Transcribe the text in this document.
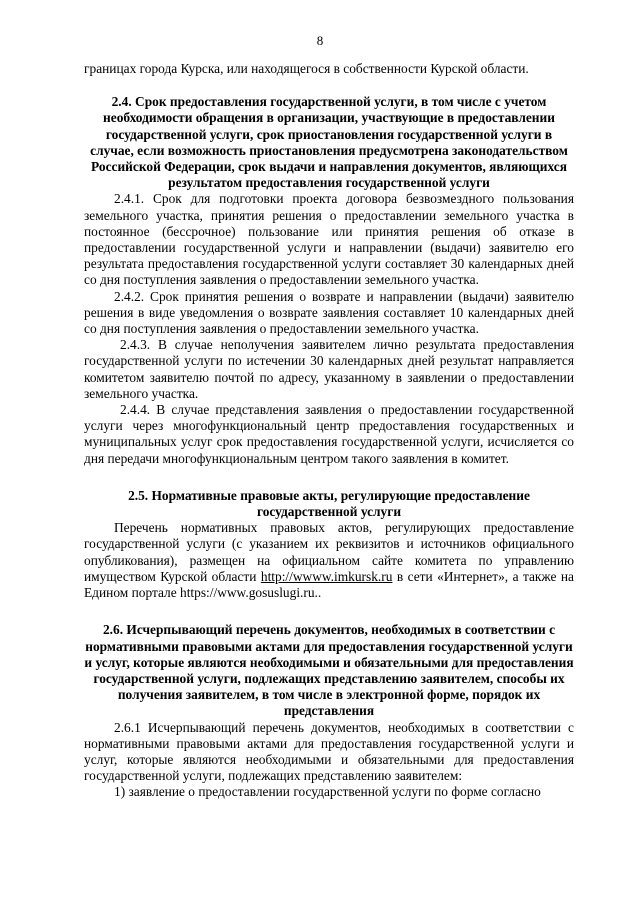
8

границах города Курска, или находящегося в собственности Курской области.

2.4. Срок предоставления государственной услуги, в том числе с учетом необходимости обращения в организации, участвующие в предоставлении государственной услуги, срок приостановления государственной услуги в случае, если возможность приостановления предусмотрена законодательством Российской Федерации, срок выдачи и направления документов, являющихся результатом предоставления государственной услуги

2.4.1. Срок для подготовки проекта договора безвозмездного пользования земельного участка, принятия решения о предоставлении земельного участка в постоянное (бессрочное) пользование или принятия решения об отказе в предоставлении государственной услуги и направлении (выдачи) заявителю его результата предоставления государственной услуги составляет 30 календарных дней со дня поступления заявления о предоставлении земельного участка.

2.4.2. Срок принятия решения о возврате и направлении (выдачи) заявителю решения в виде уведомления о возврате заявления составляет 10 календарных дней со дня поступления заявления о предоставлении земельного участка.

2.4.3. В случае неполучения заявителем лично результата предоставления государственной услуги по истечении 30 календарных дней результат направляется комитетом заявителю почтой по адресу, указанному в заявлении о предоставлении земельного участка.

2.4.4. В случае представления заявления о предоставлении государственной услуги через многофункциональный центр предоставления государственных и муниципальных услуг срок предоставления государственной услуги, исчисляется со дня передачи многофункциональным центром такого заявления в комитет.

2.5. Нормативные правовые акты, регулирующие предоставление государственной услуги

Перечень нормативных правовых актов, регулирующих предоставление государственной услуги (с указанием их реквизитов и источников официального опубликования), размещен на официальном сайте комитета по управлению имуществом Курской области http://wwww.imkursk.ru в сети «Интернет», а также на Едином портале https://www.gosuslugi.ru..

2.6. Исчерпывающий перечень документов, необходимых в соответствии с нормативными правовыми актами для предоставления государственной услуги и услуг, которые являются необходимыми и обязательными для предоставления государственной услуги, подлежащих представлению заявителем, способы их получения заявителем, в том числе в электронной форме, порядок их представления

2.6.1 Исчерпывающий перечень документов, необходимых в соответствии с нормативными правовыми актами для предоставления государственной услуги и услуг, которые являются необходимыми и обязательными для предоставления государственной услуги, подлежащих представлению заявителем:

1) заявление о предоставлении государственной услуги по форме согласно
